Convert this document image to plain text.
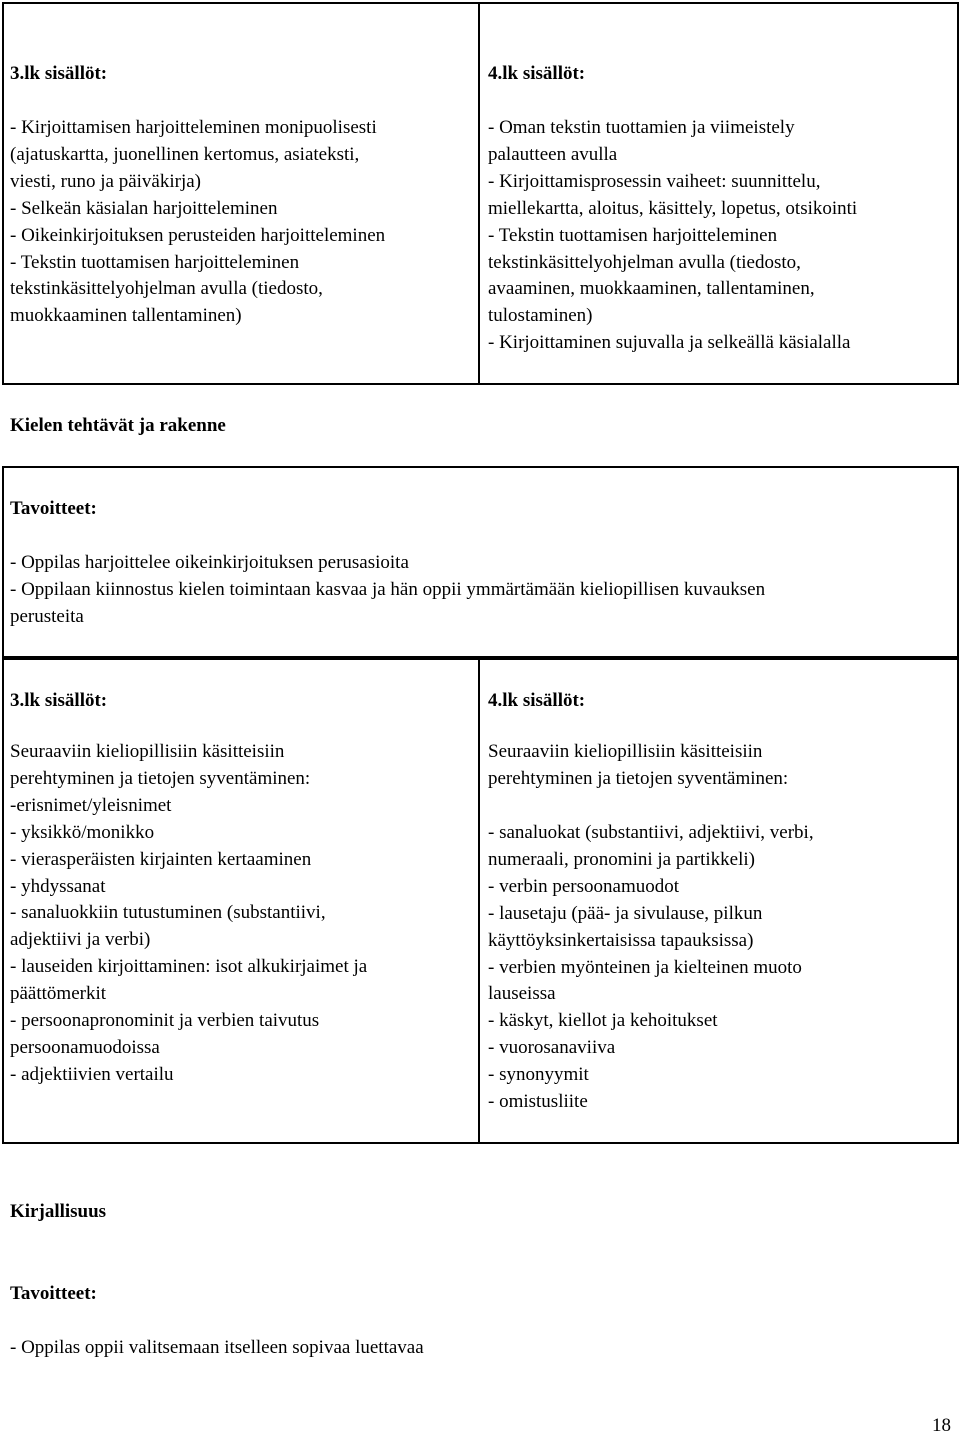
3.lk sisällöt:
- Kirjoittamisen harjoitteleminen monipuolisesti
(ajatuskartta, juonellinen kertomus, asiateksti,
viesti, runo ja päiväkirja)
- Selkeän käsialan harjoitteleminen
- Oikeinkirjoituksen perusteiden harjoitteleminen
- Tekstin tuottamisen harjoitteleminen
tekstinkäsittelyohjelman avulla (tiedosto,
muokkaaminen tallentaminen)
4.lk sisällöt:
- Oman tekstin tuottamien ja viimeistely
palautteen avulla
- Kirjoittamisprosessin vaiheet: suunnittelu,
miellekartta, aloitus, käsittely, lopetus, otsikointi
- Tekstin tuottamisen harjoitteleminen
tekstinkäsittelyohjelman avulla (tiedosto,
avaaminen, muokkaaminen, tallentaminen,
tulostaminen)
- Kirjoittaminen sujuvalla ja selkeällä käsialalla
Kielen tehtävät ja rakenne
Tavoitteet:
- Oppilas harjoittelee oikeinkirjoituksen perusasioita
- Oppilaan kiinnostus kielen toimintaan kasvaa ja hän oppii ymmärtämään kieliopillisen kuvauksen
perusteita
3.lk sisällöt:
Seuraaviin kieliopillisiin käsitteisiin
perehtyminen ja tietojen syventäminen:
-erisnimet/yleisnimet
- yksikkö/monikko
- vierasperäisten kirjainten kertaaminen
- yhdyssanat
- sanaluokkiin tutustuminen (substantiivi,
adjektiivi ja verbi)
- lauseiden kirjoittaminen: isot alkukirjaimet ja
päättömerkit
- persoonapronominit ja verbien taivutus
persoonamuodoissa
- adjektiivien vertailu
4.lk sisällöt:
Seuraaviin kieliopillisiin käsitteisiin
perehtyminen ja tietojen syventäminen:
- sanaluokat (substantiivi, adjektiivi, verbi,
numeraali, pronomini ja partikkeli)
- verbin persoonamuodot
- lausetaju (pää- ja sivulause, pilkun
käyttöyksinkertaisissa tapauksissa)
- verbien myönteinen ja kielteinen muoto
lauseissa
- käskyt, kiellot ja kehoitukset
- vuorosanaviiva
- synonyymit
- omistusliite
Kirjallisuus
Tavoitteet:
- Oppilas oppii valitsemaan itselleen sopivaa luettavaa
18
